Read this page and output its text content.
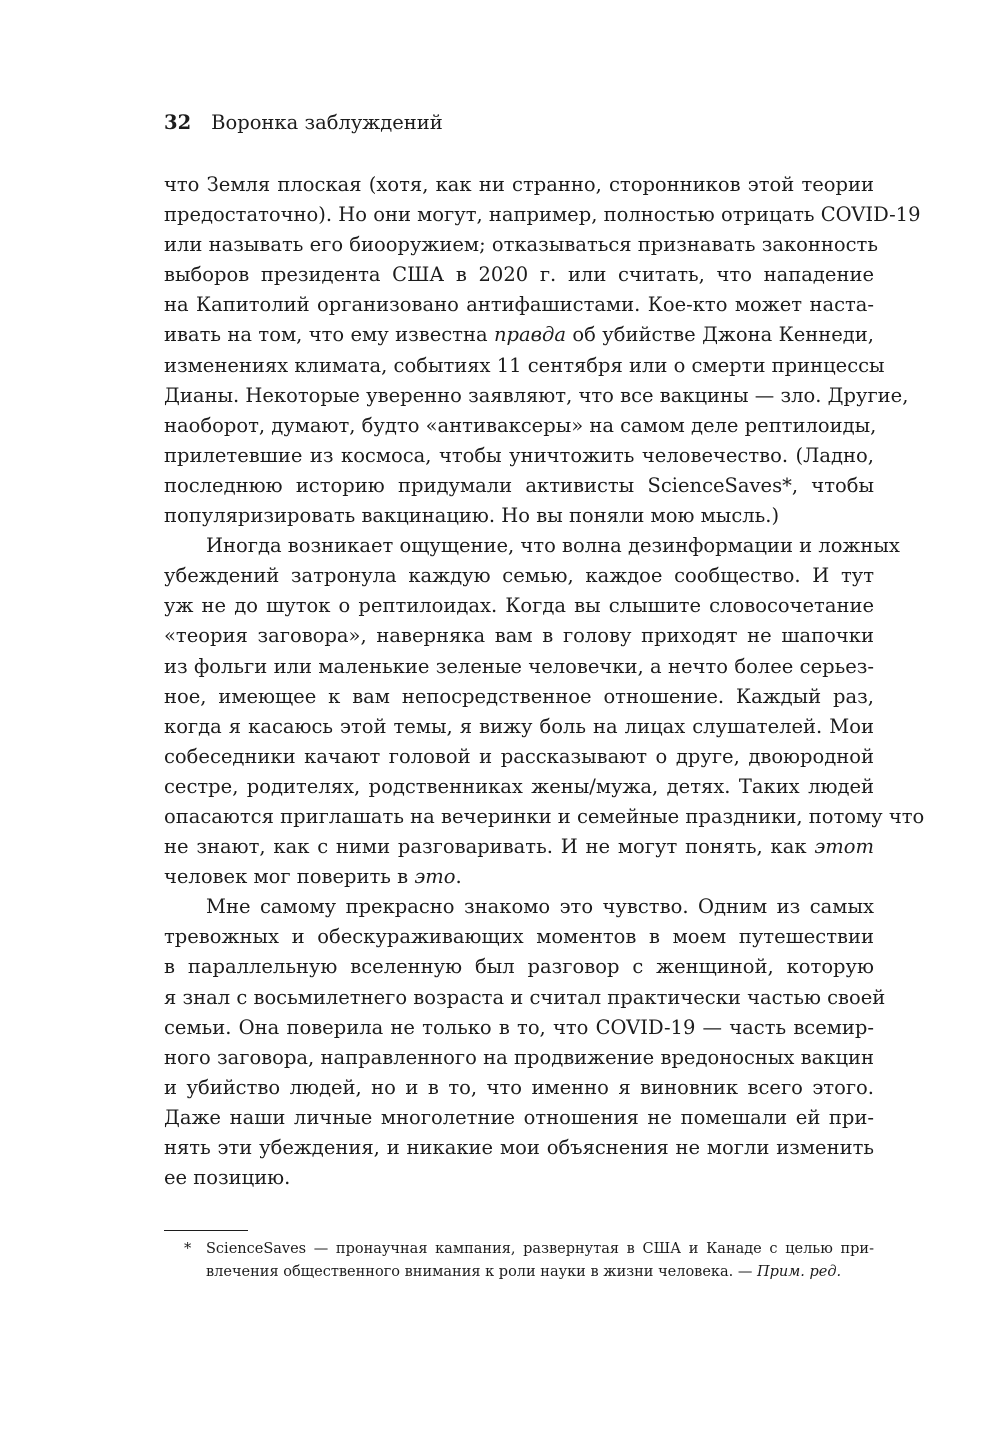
32 Воронка заблуждений
что Земля плоская (хотя, как ни странно, сторонников этой теории
предостаточно). Но они могут, например, полностью отрицать COVID-19
или называть его биооружием; отказываться признавать законность
выборов президента США в 2020 г. или считать, что нападение
на Капитолий организовано антифашистами. Кое-кто может наста-
ивать на том, что ему известна правда об убийстве Джона Кеннеди,
изменениях климата, событиях 11 сентября или о смерти принцессы
Дианы. Некоторые уверенно заявляют, что все вакцины — зло. Другие,
наоборот, думают, будто «антиваксеры» на самом деле рептилоиды,
прилетевшие из космоса, чтобы уничтожить человечество. (Ладно,
последнюю историю придумали активисты ScienceSaves*, чтобы
популяризировать вакцинацию. Но вы поняли мою мысль.)
Иногда возникает ощущение, что волна дезинформации и ложных
убеждений затронула каждую семью, каждое сообщество. И тут
уж не до шуток о рептилоидах. Когда вы слышите словосочетание
«теория заговора», наверняка вам в голову приходят не шапочки
из фольги или маленькие зеленые человечки, а нечто более серьез-
ное, имеющее к вам непосредственное отношение. Каждый раз,
когда я касаюсь этой темы, я вижу боль на лицах слушателей. Мои
собеседники качают головой и рассказывают о друге, двоюродной
сестре, родителях, родственниках жены/мужа, детях. Таких людей
опасаются приглашать на вечеринки и семейные праздники, потому что
не знают, как с ними разговаривать. И не могут понять, как этот
человек мог поверить в это.
Мне самому прекрасно знакомо это чувство. Одним из самых
тревожных и обескураживающих моментов в моем путешествии
в параллельную вселенную был разговор с женщиной, которую
я знал с восьмилетнего возраста и считал практически частью своей
семьи. Она поверила не только в то, что COVID-19 — часть всемир-
ного заговора, направленного на продвижение вредоносных вакцин
и убийство людей, но и в то, что именно я виновник всего этого.
Даже наши личные многолетние отношения не помешали ей при-
нять эти убеждения, и никакие мои объяснения не могли изменить
ее позицию.
* ScienceSaves — пронаучная кампания, развернутая в США и Канаде с целью при-
влечения общественного внимания к роли науки в жизни человека. — Прим. ред.
